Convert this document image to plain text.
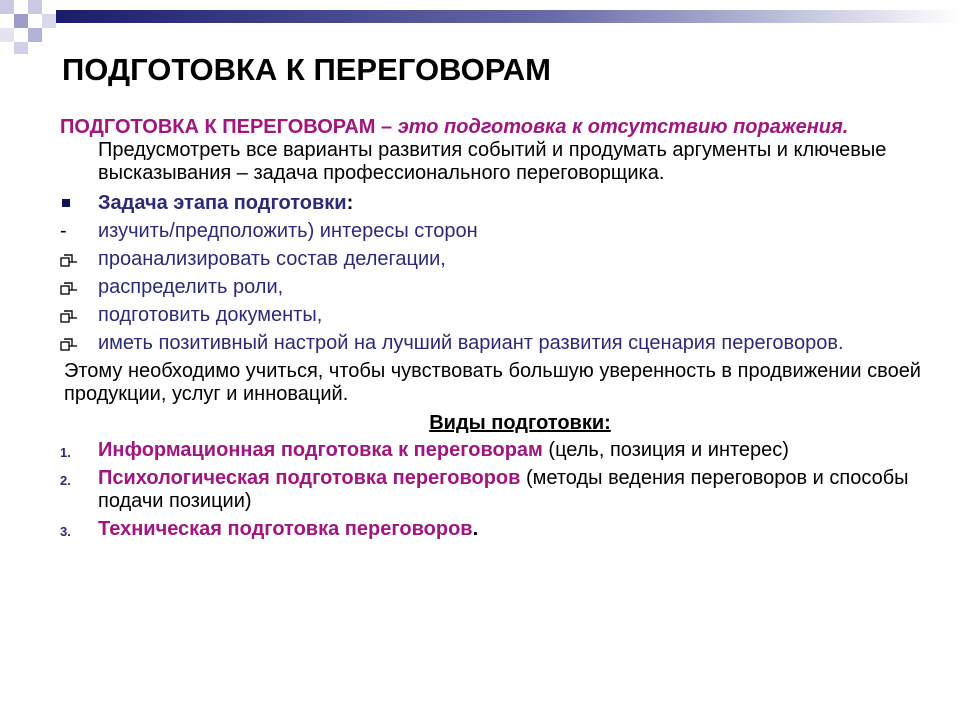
ПОДГОТОВКА К ПЕРЕГОВОРАМ

ПОДГОТОВКА К ПЕРЕГОВОРАМ – это подготовка к отсутствию поражения. Предусмотреть все варианты развития событий и продумать аргументы и ключевые высказывания – задача профессионального переговорщика.

Задача этапа подготовки:
- изучить/предположить) интересы сторон
проанализировать состав делегации,
распределить роли,
подготовить документы,
иметь позитивный настрой на лучший вариант развития сценария переговоров.

Этому необходимо учиться, чтобы чувствовать большую уверенность в продвижении своей продукции, услуг и инноваций.

Виды подготовки:
1. Информационная подготовка к переговорам (цель, позиция и интерес)
2. Психологическая подготовка переговоров (методы ведения переговоров и способы подачи позиции)
3. Техническая подготовка переговоров.
